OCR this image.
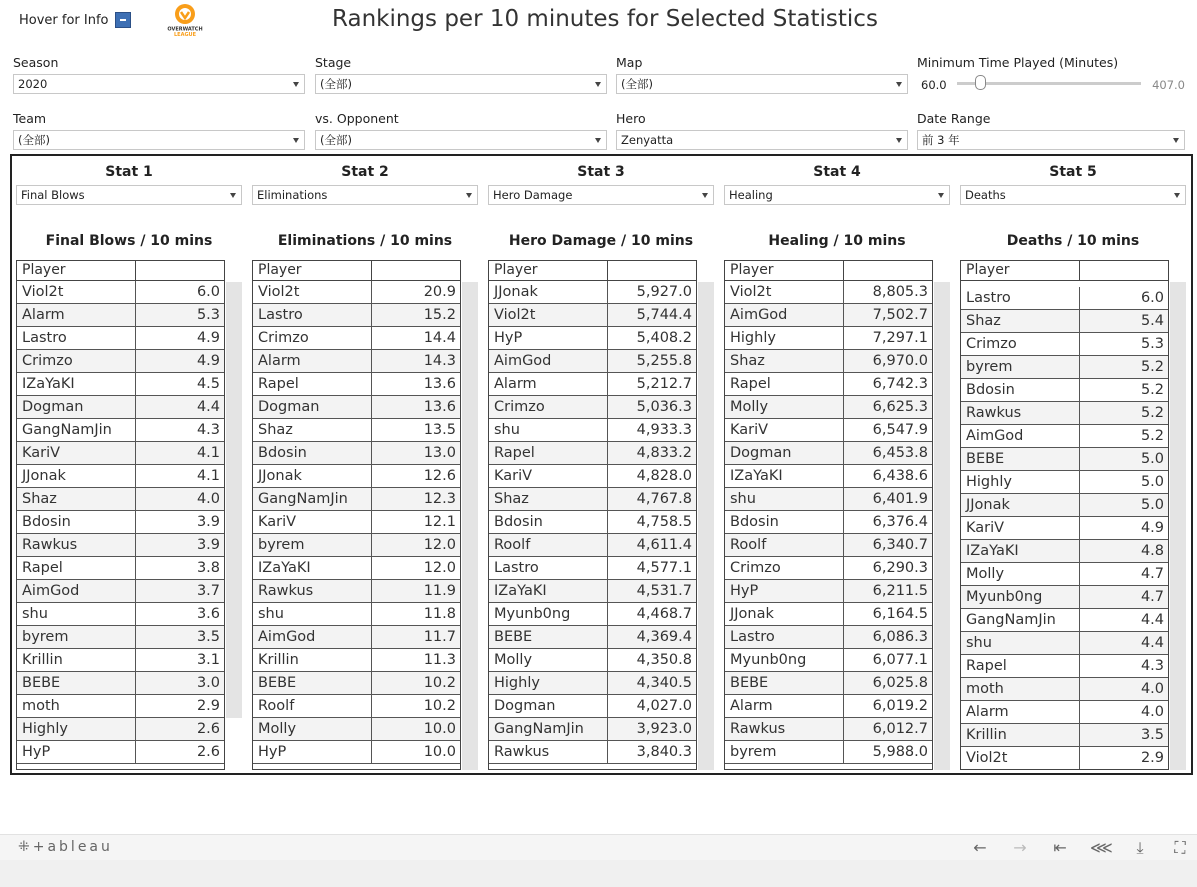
Hover for Info
OVERWATCH
LEAGUE
Rankings per 10 minutes for Selected Statistics
Season
2020
Stage
(全部)
Map
(全部)
Minimum Time Played (Minutes)
60.0	407.0
Team
(全部)
vs. Opponent
(全部)
Hero
Zenyatta
Date Range
前 3 年
Stat 1
Final Blows
Final Blows / 10 mins
Player
Viol2t	6.0
Alarm	5.3
Lastro	4.9
Crimzo	4.9
IZaYaKI	4.5
Dogman	4.4
GangNamJin	4.3
KariV	4.1
JJonak	4.1
Shaz	4.0
Bdosin	3.9
Rawkus	3.9
Rapel	3.8
AimGod	3.7
shu	3.6
byrem	3.5
Krillin	3.1
BEBE	3.0
moth	2.9
Highly	2.6
HyP	2.6
Stat 2
Eliminations
Eliminations / 10 mins
Player
Viol2t	20.9
Lastro	15.2
Crimzo	14.4
Alarm	14.3
Rapel	13.6
Dogman	13.6
Shaz	13.5
Bdosin	13.0
JJonak	12.6
GangNamJin	12.3
KariV	12.1
byrem	12.0
IZaYaKI	12.0
Rawkus	11.9
shu	11.8
AimGod	11.7
Krillin	11.3
BEBE	10.2
Roolf	10.2
Molly	10.0
HyP	10.0
Stat 3
Hero Damage
Hero Damage / 10 mins
Player
JJonak	5,927.0
Viol2t	5,744.4
HyP	5,408.2
AimGod	5,255.8
Alarm	5,212.7
Crimzo	5,036.3
shu	4,933.3
Rapel	4,833.2
KariV	4,828.0
Shaz	4,767.8
Bdosin	4,758.5
Roolf	4,611.4
Lastro	4,577.1
IZaYaKI	4,531.7
Myunb0ng	4,468.7
BEBE	4,369.4
Molly	4,350.8
Highly	4,340.5
Dogman	4,027.0
GangNamJin	3,923.0
Rawkus	3,840.3
Stat 4
Healing
Healing / 10 mins
Player
Viol2t	8,805.3
AimGod	7,502.7
Highly	7,297.1
Shaz	6,970.0
Rapel	6,742.3
Molly	6,625.3
KariV	6,547.9
Dogman	6,453.8
IZaYaKI	6,438.6
shu	6,401.9
Bdosin	6,376.4
Roolf	6,340.7
Crimzo	6,290.3
HyP	6,211.5
JJonak	6,164.5
Lastro	6,086.3
Myunb0ng	6,077.1
BEBE	6,025.8
Alarm	6,019.2
Rawkus	6,012.7
byrem	5,988.0
Stat 5
Deaths
Deaths / 10 mins
Player
Lastro	6.0
Shaz	5.4
Crimzo	5.3
byrem	5.2
Bdosin	5.2
Rawkus	5.2
AimGod	5.2
BEBE	5.0
Highly	5.0
JJonak	5.0
KariV	4.9
IZaYaKI	4.8
Molly	4.7
Myunb0ng	4.7
GangNamJin	4.4
shu	4.4
Rapel	4.3
moth	4.0
Alarm	4.0
Krillin	3.5
Viol2t	2.9
⁜+ableau	← → ⇤ ⋘	⤓	⛶
